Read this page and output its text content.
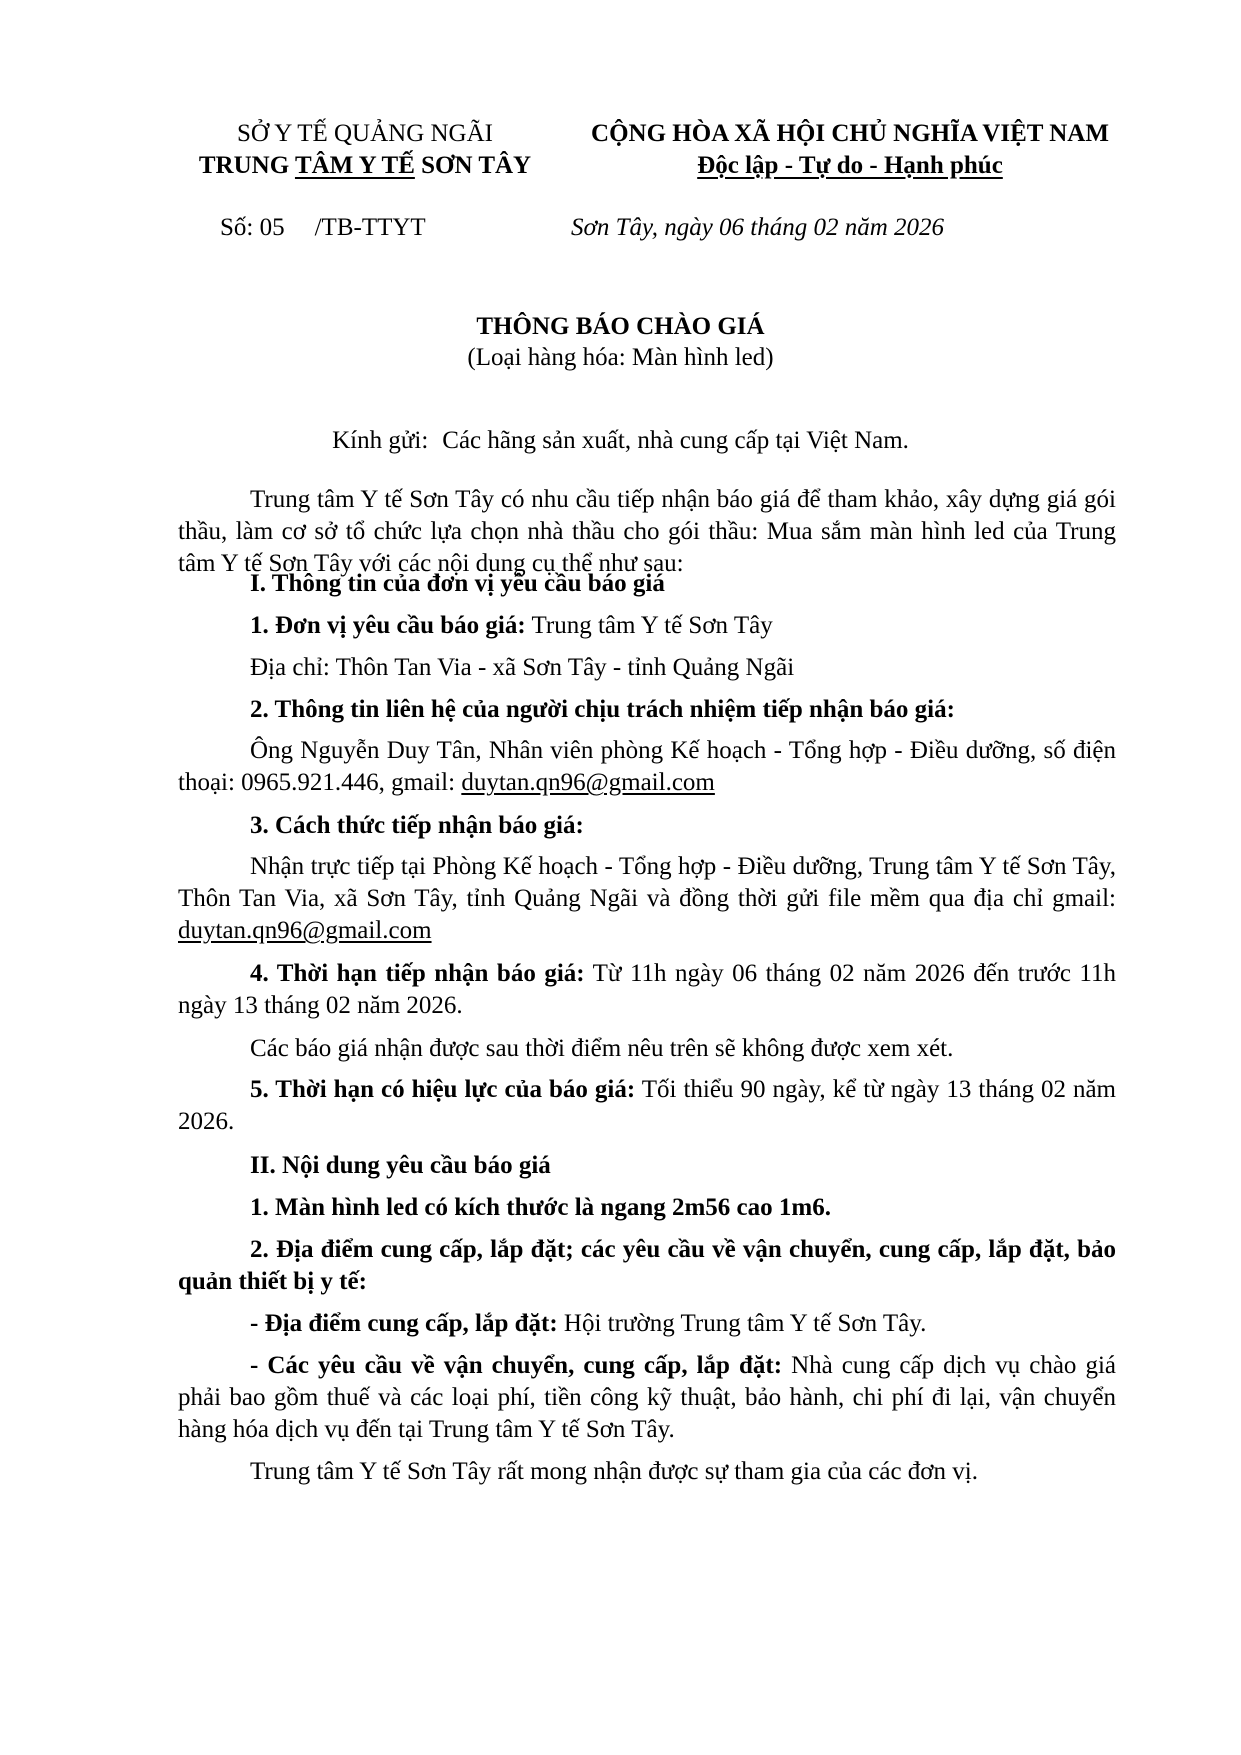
SỞ Y TẾ QUẢNG NGÃI
TRUNG TÂM Y TẾ SƠN TÂY
CỘNG HÒA XÃ HỘI CHỦ NGHĨA VIỆT NAM
Độc lập - Tự do - Hạnh phúc
Số: 05 /TB-TTYT	Sơn Tây, ngày 06 tháng 02 năm 2026
THÔNG BÁO CHÀO GIÁ
(Loại hàng hóa: Màn hình led)
Kính gửi: Các hãng sản xuất, nhà cung cấp tại Việt Nam.

Trung tâm Y tế Sơn Tây có nhu cầu tiếp nhận báo giá để tham khảo, xây dựng giá gói thầu, làm cơ sở tổ chức lựa chọn nhà thầu cho gói thầu: Mua sắm màn hình led của Trung tâm Y tế Sơn Tây với các nội dung cụ thể như sau:

I. Thông tin của đơn vị yêu cầu báo giá

1. Đơn vị yêu cầu báo giá: Trung tâm Y tế Sơn Tây

Địa chỉ: Thôn Tan Via - xã Sơn Tây - tỉnh Quảng Ngãi

2. Thông tin liên hệ của người chịu trách nhiệm tiếp nhận báo giá:

Ông Nguyễn Duy Tân, Nhân viên phòng Kế hoạch - Tổng hợp - Điều dưỡng, số điện thoại: 0965.921.446, gmail: duytan.qn96@gmail.com

3. Cách thức tiếp nhận báo giá:

Nhận trực tiếp tại Phòng Kế hoạch - Tổng hợp - Điều dưỡng, Trung tâm Y tế Sơn Tây, Thôn Tan Via, xã Sơn Tây, tỉnh Quảng Ngãi và đồng thời gửi file mềm qua địa chỉ gmail: duytan.qn96@gmail.com

4. Thời hạn tiếp nhận báo giá: Từ 11h ngày 06 tháng 02 năm 2026 đến trước 11h ngày 13 tháng 02 năm 2026.

Các báo giá nhận được sau thời điểm nêu trên sẽ không được xem xét.

5. Thời hạn có hiệu lực của báo giá: Tối thiểu 90 ngày, kể từ ngày 13 tháng 02 năm 2026.

II. Nội dung yêu cầu báo giá

1. Màn hình led có kích thước là ngang 2m56 cao 1m6.

2. Địa điểm cung cấp, lắp đặt; các yêu cầu về vận chuyển, cung cấp, lắp đặt, bảo quản thiết bị y tế:

- Địa điểm cung cấp, lắp đặt: Hội trường Trung tâm Y tế Sơn Tây.

- Các yêu cầu về vận chuyển, cung cấp, lắp đặt: Nhà cung cấp dịch vụ chào giá phải bao gồm thuế và các loại phí, tiền công kỹ thuật, bảo hành, chi phí đi lại, vận chuyển hàng hóa dịch vụ đến tại Trung tâm Y tế Sơn Tây.

Trung tâm Y tế Sơn Tây rất mong nhận được sự tham gia của các đơn vị.
